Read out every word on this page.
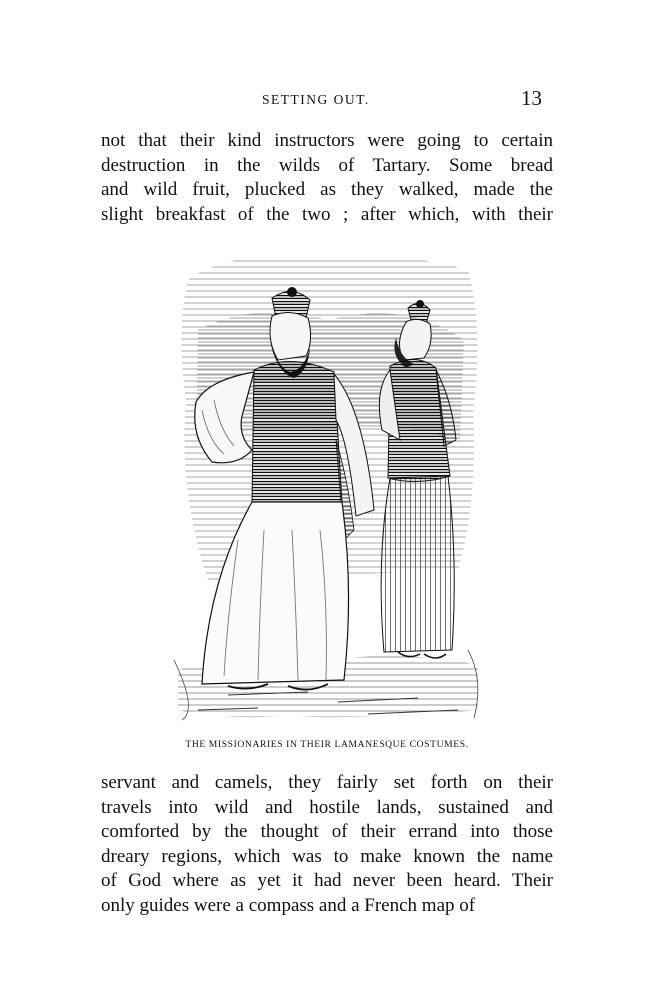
SETTING OUT.	13
not that their kind instructors were going to certain
destruction in the wilds of Tartary. Some bread
and wild fruit, plucked as they walked, made the
slight breakfast of the two ; after which, with their
THE MISSIONARIES IN THEIR LAMANESQUE COSTUMES.
servant and camels, they fairly set forth on their
travels into wild and hostile lands, sustained and
comforted by the thought of their errand into those
dreary regions, which was to make known the name
of God where as yet it had never been heard. Their
only guides were a compass and a French map of
